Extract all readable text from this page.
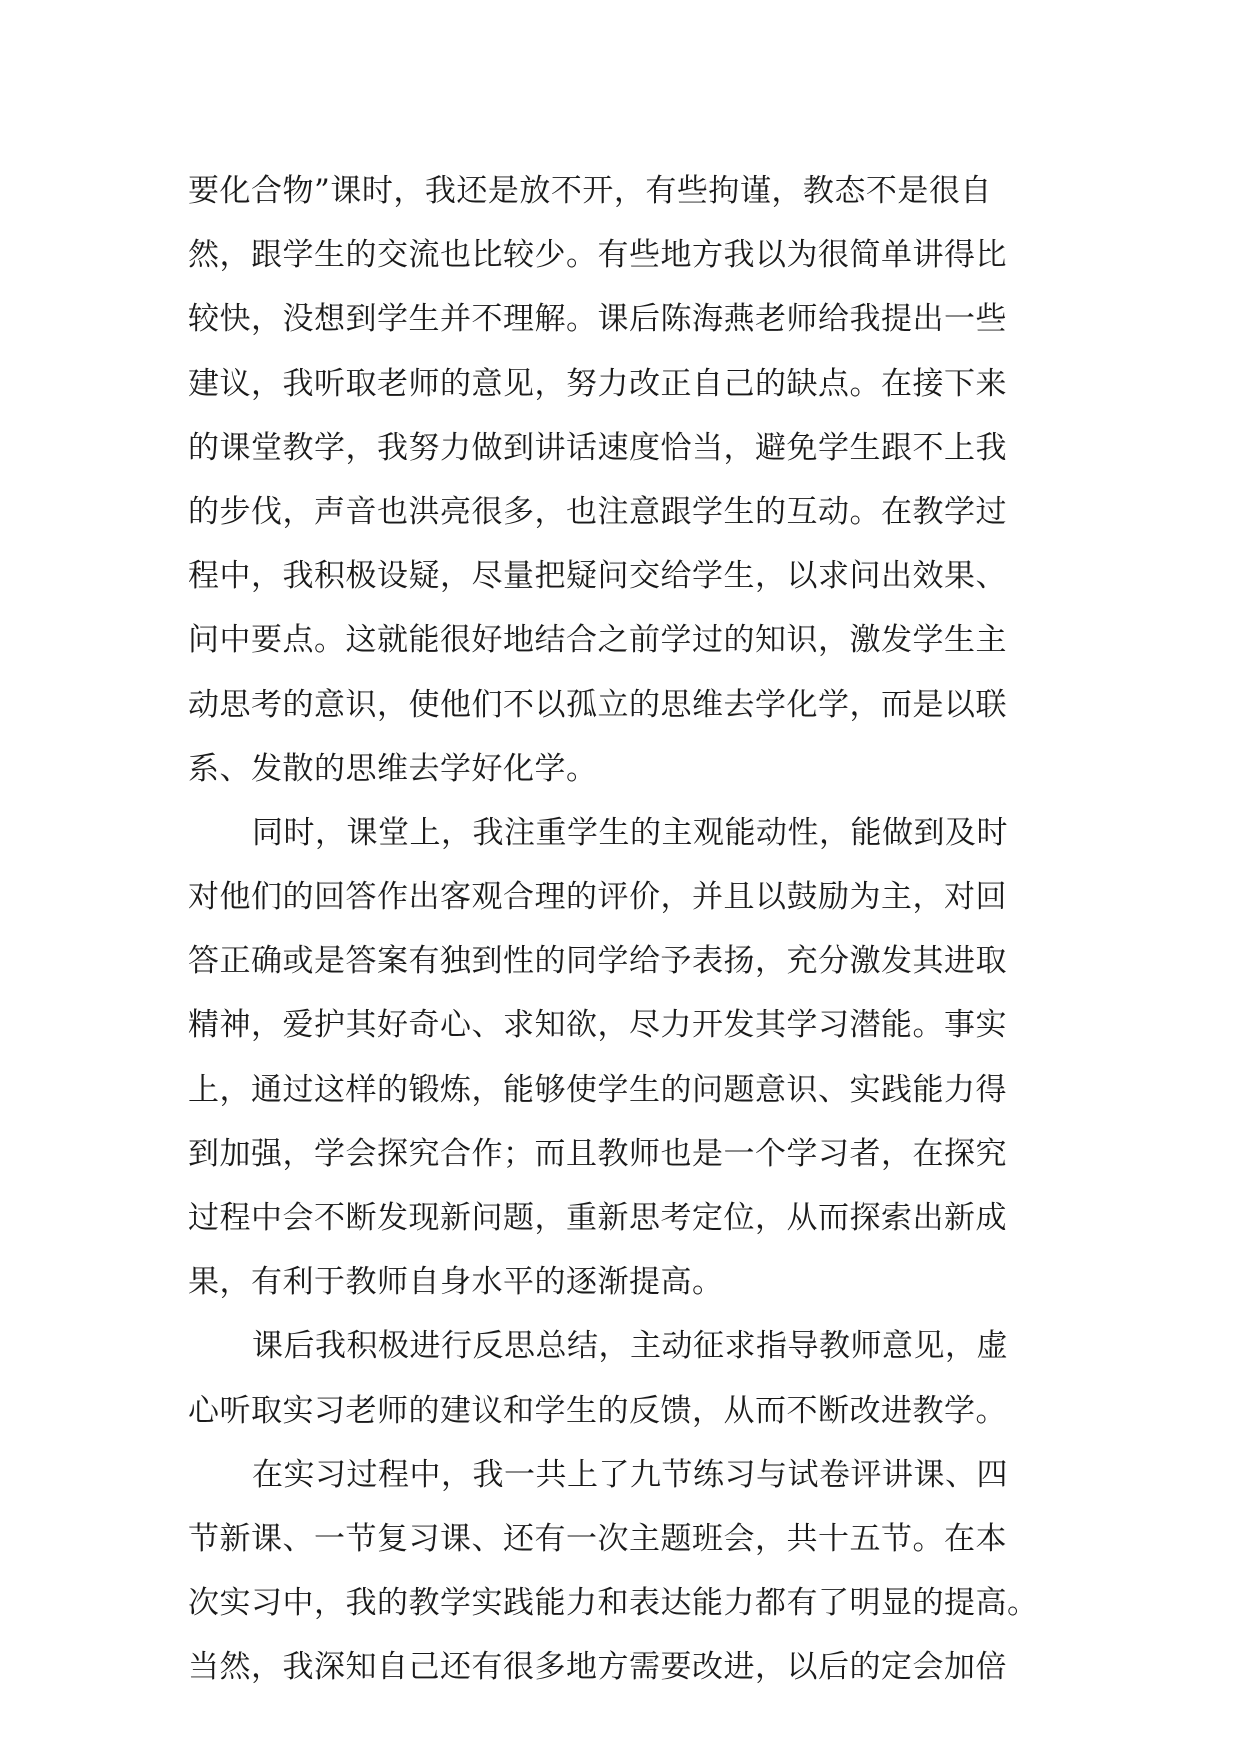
要化合物”课时，我还是放不开，有些拘谨，教态不是很自
然，跟学生的交流也比较少。有些地方我以为很简单讲得比
较快，没想到学生并不理解。课后陈海燕老师给我提出一些
建议，我听取老师的意见，努力改正自己的缺点。在接下来
的课堂教学，我努力做到讲话速度恰当，避免学生跟不上我
的步伐，声音也洪亮很多，也注意跟学生的互动。在教学过
程中，我积极设疑，尽量把疑问交给学生，以求问出效果、
问中要点。这就能很好地结合之前学过的知识，激发学生主
动思考的意识，使他们不以孤立的思维去学化学，而是以联
系、发散的思维去学好化学。
同时，课堂上，我注重学生的主观能动性，能做到及时
对他们的回答作出客观合理的评价，并且以鼓励为主，对回
答正确或是答案有独到性的同学给予表扬，充分激发其进取
精神，爱护其好奇心、求知欲，尽力开发其学习潜能。事实
上，通过这样的锻炼，能够使学生的问题意识、实践能力得
到加强，学会探究合作；而且教师也是一个学习者，在探究
过程中会不断发现新问题，重新思考定位，从而探索出新成
果，有利于教师自身水平的逐渐提高。
课后我积极进行反思总结，主动征求指导教师意见，虚
心听取实习老师的建议和学生的反馈，从而不断改进教学。
在实习过程中，我一共上了九节练习与试卷评讲课、四
节新课、一节复习课、还有一次主题班会，共十五节。在本
次实习中，我的教学实践能力和表达能力都有了明显的提高。
当然，我深知自己还有很多地方需要改进，以后的定会加倍
